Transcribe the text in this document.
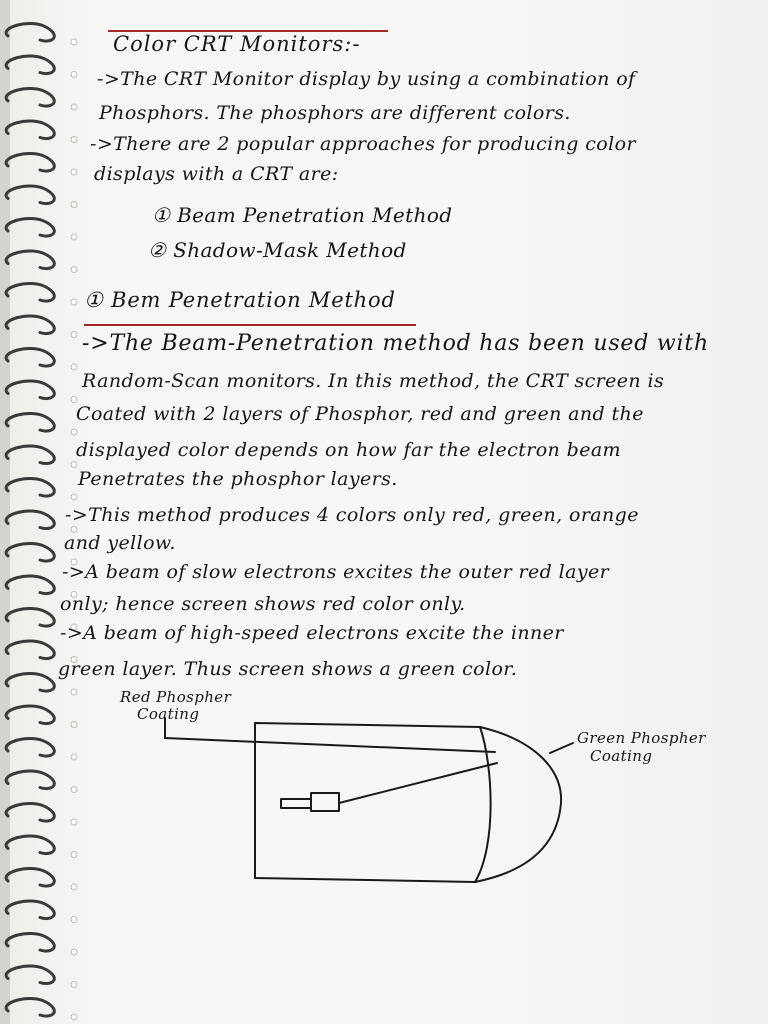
Color CRT Monitors:-
->The CRT Monitor display by using a combination of
Phosphors. The phosphors are different colors.
->There are 2 popular approaches for producing color
displays with a CRT are:
① Beam Penetration Method
② Shadow-Mask Method
① Bem Penetration Method
->The Beam-Penetration method has been used with
Random-Scan monitors. In this method, the CRT screen is
Coated with 2 layers of Phosphor, red and green and the
displayed color depends on how far the electron beam
Penetrates the phosphor layers.
->This method produces 4 colors only red, green, orange
and yellow.
->A beam of slow electrons excites the outer red layer
only; hence screen shows red color only.
->A beam of high-speed electrons excite the inner
green layer. Thus screen shows a green color.
Red Phospher
Coating
Green Phospher
Coating
